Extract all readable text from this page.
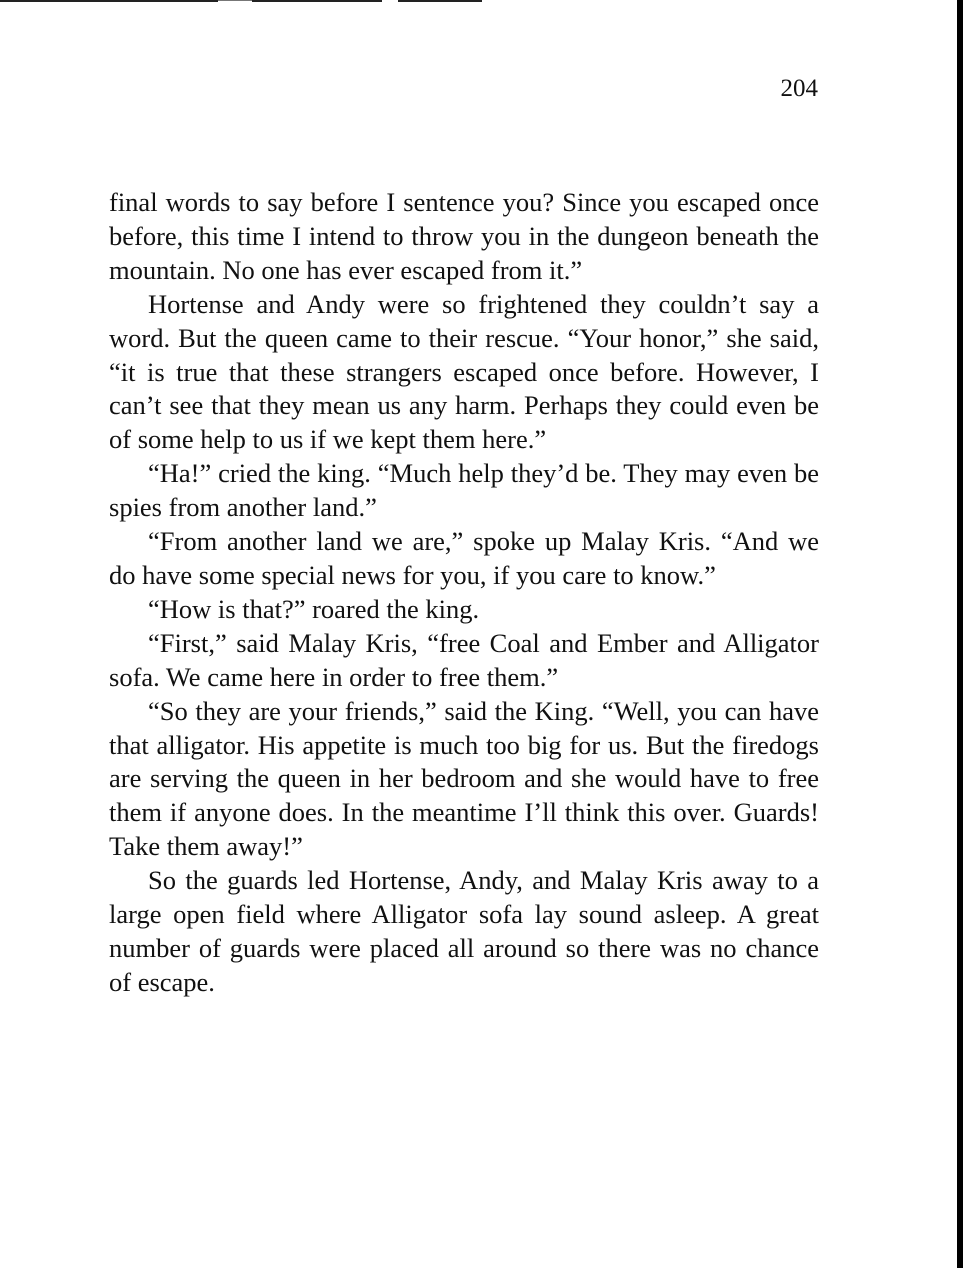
204

final words to say before I sentence you? Since you escaped once before, this time I intend to throw you in the dungeon beneath the mountain. No one has ever escaped from it.”

Hortense and Andy were so frightened they couldn’t say a word. But the queen came to their rescue. “Your honor,” she said, “it is true that these strangers escaped once before. However, I can’t see that they mean us any harm. Perhaps they could even be of some help to us if we kept them here.”

“Ha!” cried the king. “Much help they’d be. They may even be spies from another land.”

“From another land we are,” spoke up Malay Kris. “And we do have some special news for you, if you care to know.”

“How is that?” roared the king.

“First,” said Malay Kris, “free Coal and Ember and Alligator sofa. We came here in order to free them.”

“So they are your friends,” said the King. “Well, you can have that alligator. His appetite is much too big for us. But the firedogs are serving the queen in her bedroom and she would have to free them if anyone does. In the meantime I’ll think this over. Guards! Take them away!”

So the guards led Hortense, Andy, and Malay Kris away to a large open field where Alligator sofa lay sound asleep. A great number of guards were placed all around so there was no chance of escape.
